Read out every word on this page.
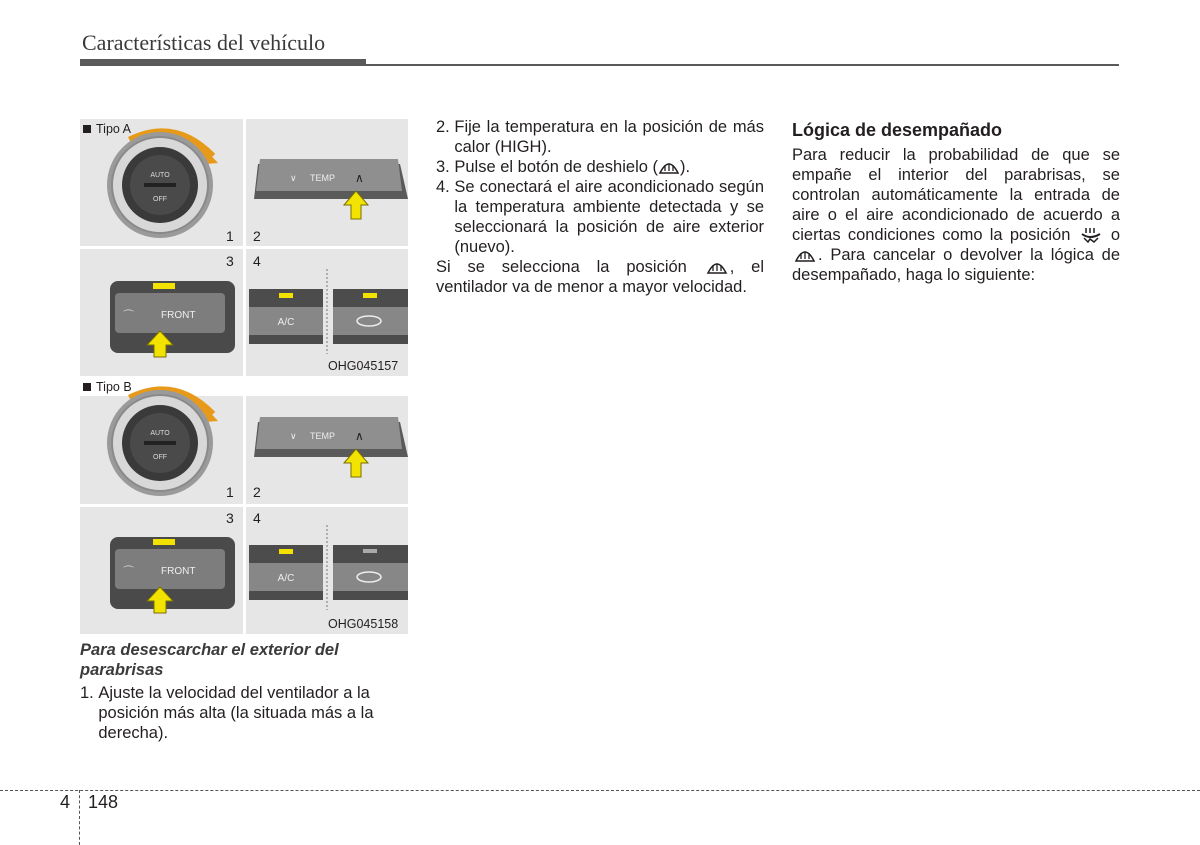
Características del vehículo
Tipo A
Tipo B
AUTO
OFF
∨ TEMP ∧
⌒	FRONT
A/C
OHG045157
AUTO
OFF
∨ TEMP ∧
⌒	FRONT
A/C
OHG045158
1 2
3 4
1 2
3 4
Para desescarchar el exterior del parabrisas
1. Ajuste la velocidad del ventilador a la posición más alta (la situada más a la derecha).
2. Fije la temperatura en la posición de más calor (HIGH).
3. Pulse el botón de deshielo ( ).
4. Se conectará el aire acondicionado según la temperatura ambiente detectada y se seleccionará la posición de aire exterior (nuevo).
Si se selecciona la posición , el ventilador va de menor a mayor velocidad.
Lógica de desempañado
Para reducir la probabilidad de que se empañe el interior del parabrisas, se controlan automáticamente la entrada de aire o el aire acondicionado de acuerdo a ciertas condiciones como la posición  o . Para cancelar o devolver la lógica de desempañado, haga lo siguiente:
4 148
